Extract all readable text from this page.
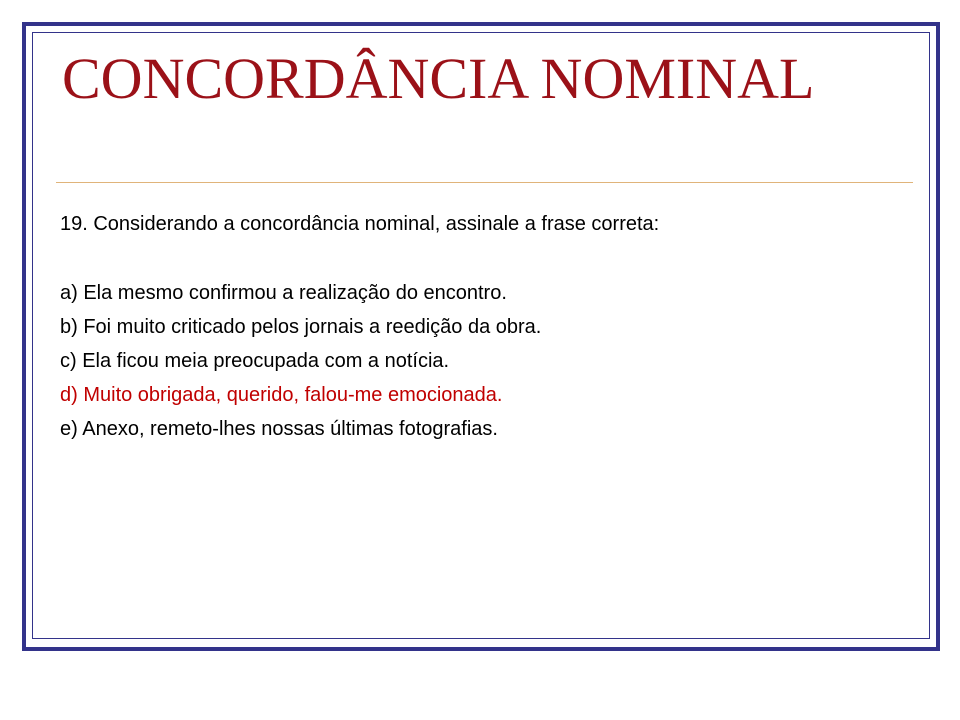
CONCORDÂNCIA NOMINAL

19. Considerando a concordância nominal, assinale a frase correta:

a) Ela mesmo confirmou a realização do encontro.

b) Foi muito criticado pelos jornais a reedição da obra.

c) Ela ficou meia preocupada com a notícia.

d) Muito obrigada, querido, falou-me emocionada.

e) Anexo, remeto-lhes nossas últimas fotografias.
